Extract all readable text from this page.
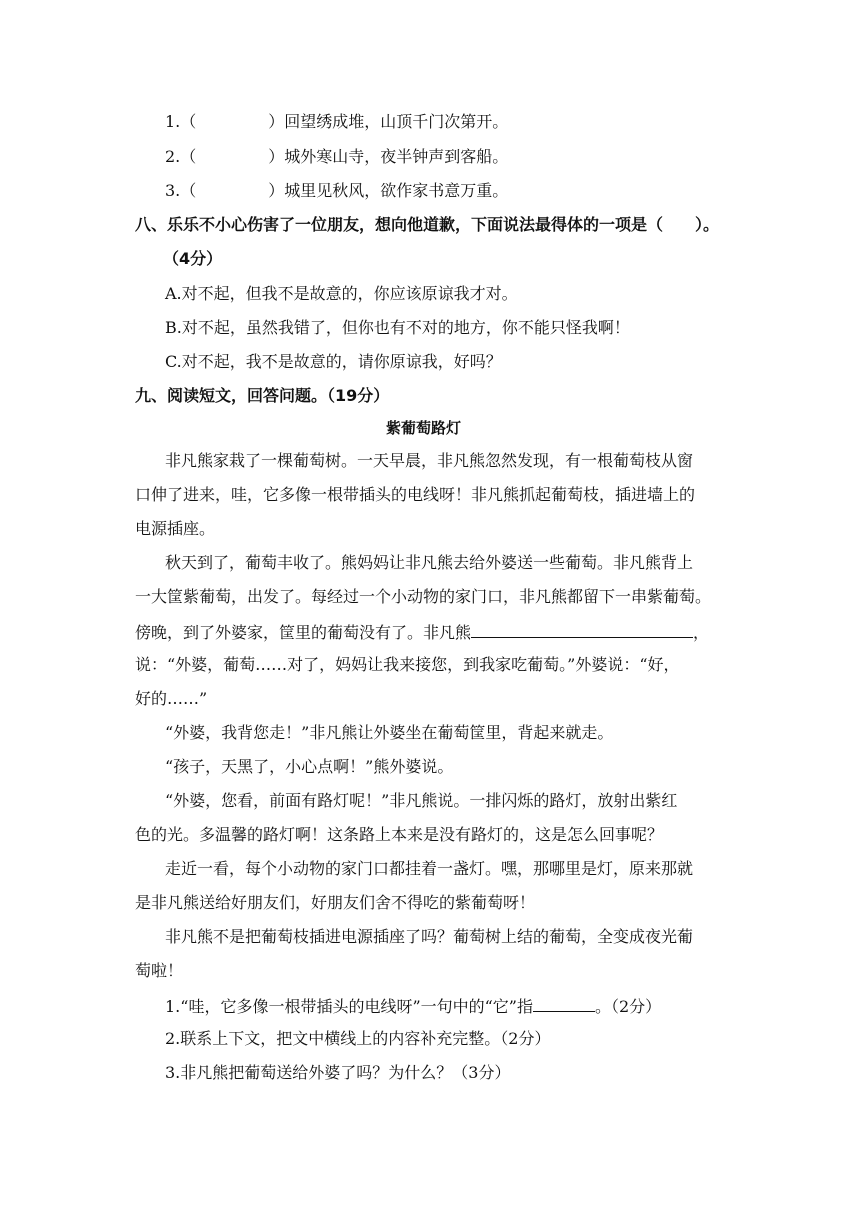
1.（	）回望绣成堆，山顶千门次第开。
2.（	）城外寒山寺，夜半钟声到客船。
3.（	）城里见秋风，欲作家书意万重。
八、乐乐不小心伤害了一位朋友，想向他道歉，下面说法最得体的一项是（　　）。
（4分）
A.对不起，但我不是故意的，你应该原谅我才对。
B.对不起，虽然我错了，但你也有不对的地方，你不能只怪我啊！
C.对不起，我不是故意的，请你原谅我，好吗？
九、阅读短文，回答问题。（19分）
紫葡萄路灯
非凡熊家栽了一棵葡萄树。一天早晨，非凡熊忽然发现，有一根葡萄枝从窗
口伸了进来，哇，它多像一根带插头的电线呀！非凡熊抓起葡萄枝，插进墙上的
电源插座。
秋天到了，葡萄丰收了。熊妈妈让非凡熊去给外婆送一些葡萄。非凡熊背上
一大筐紫葡萄，出发了。每经过一个小动物的家门口，非凡熊都留下一串紫葡萄。
傍晚，到了外婆家，筐里的葡萄没有了。非凡熊	，
说：“外婆，葡萄……对了，妈妈让我来接您，到我家吃葡萄。”外婆说：“好，
好的……”
“外婆，我背您走！”非凡熊让外婆坐在葡萄筐里，背起来就走。
“孩子，天黑了，小心点啊！”熊外婆说。
“外婆，您看，前面有路灯呢！”非凡熊说。一排闪烁的路灯，放射出紫红
色的光。多温馨的路灯啊！这条路上本来是没有路灯的，这是怎么回事呢？
走近一看，每个小动物的家门口都挂着一盏灯。嘿，那哪里是灯，原来那就
是非凡熊送给好朋友们，好朋友们舍不得吃的紫葡萄呀！
非凡熊不是把葡萄枝插进电源插座了吗？葡萄树上结的葡萄，全变成夜光葡
萄啦！
1.“哇，它多像一根带插头的电线呀”一句中的“它”指	。（2分）
2.联系上下文，把文中横线上的内容补充完整。（2分）
3.非凡熊把葡萄送给外婆了吗？为什么？（3分）
